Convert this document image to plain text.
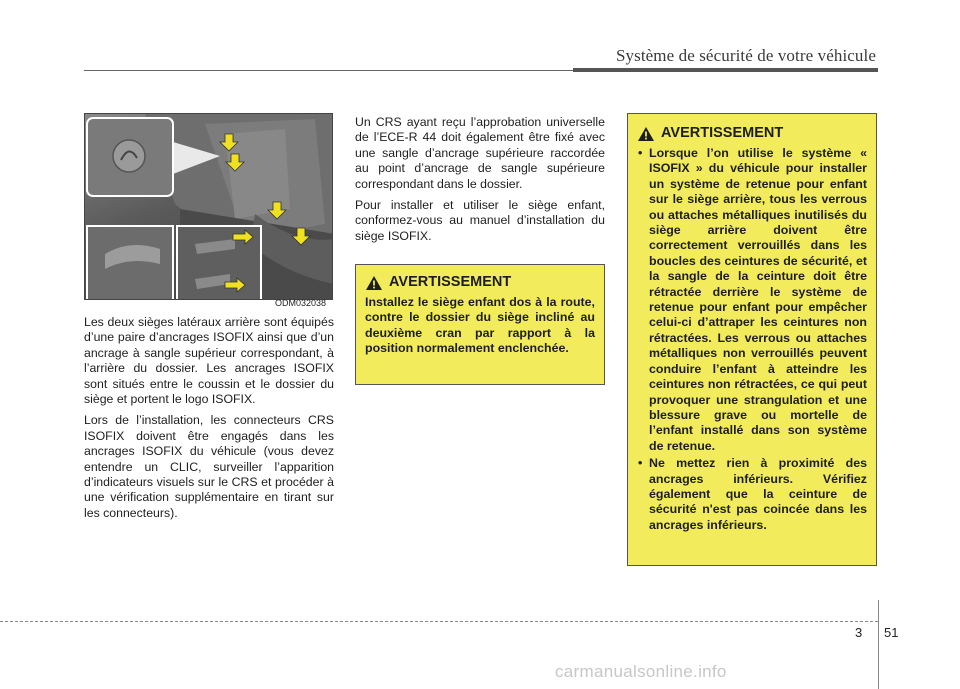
Système de sécurité de votre véhicule
ODM032038

Les deux sièges latéraux arrière sont équipés d’une paire d’ancrages ISOFIX ainsi que d’un ancrage à sangle supérieur correspondant, à l’arrière du dossier. Les ancrages ISOFIX sont situés entre le coussin et le dossier du siège et portent le logo ISOFIX.

Lors de l’installation, les connecteurs CRS ISOFIX doivent être engagés dans les ancrages ISOFIX du véhicule (vous devez entendre un CLIC, surveiller l’apparition d’indicateurs visuels sur le CRS et procéder à une vérification supplémentaire en tirant sur les connecteurs).

Un CRS ayant reçu l’approbation universelle de l’ECE-R 44 doit également être fixé avec une sangle d’ancrage supérieure raccordée au point d’ancrage de sangle supérieure correspondant dans le dossier.

Pour installer et utiliser le siège enfant, conformez-vous au manuel d’installation du siège ISOFIX.

AVERTISSEMENT
Installez le siège enfant dos à la route, contre le dossier du siège incliné au deuxième cran par rapport à la position normalement enclenchée.
AVERTISSEMENT
• Lorsque l’on utilise le système « ISOFIX » du véhicule pour installer un système de retenue pour enfant sur le siège arrière, tous les verrous ou attaches métalliques inutilisés du siège arrière doivent être correctement verrouillés dans les boucles des ceintures de sécurité, et la sangle de la ceinture doit être rétractée derrière le système de retenue pour enfant pour empêcher celui-ci d’attraper les ceintures non rétractées. Les verrous ou attaches métalliques non verrouillés peuvent conduire l’enfant à atteindre les ceintures non rétractées, ce qui peut provoquer une strangulation et une blessure grave ou mortelle de l’enfant installé dans son système de retenue.
• Ne mettez rien à proximité des ancrages inférieurs. Vérifiez également que la ceinture de sécurité n'est pas coincée dans les ancrages inférieurs.
3 51
carmanualsonline.info
